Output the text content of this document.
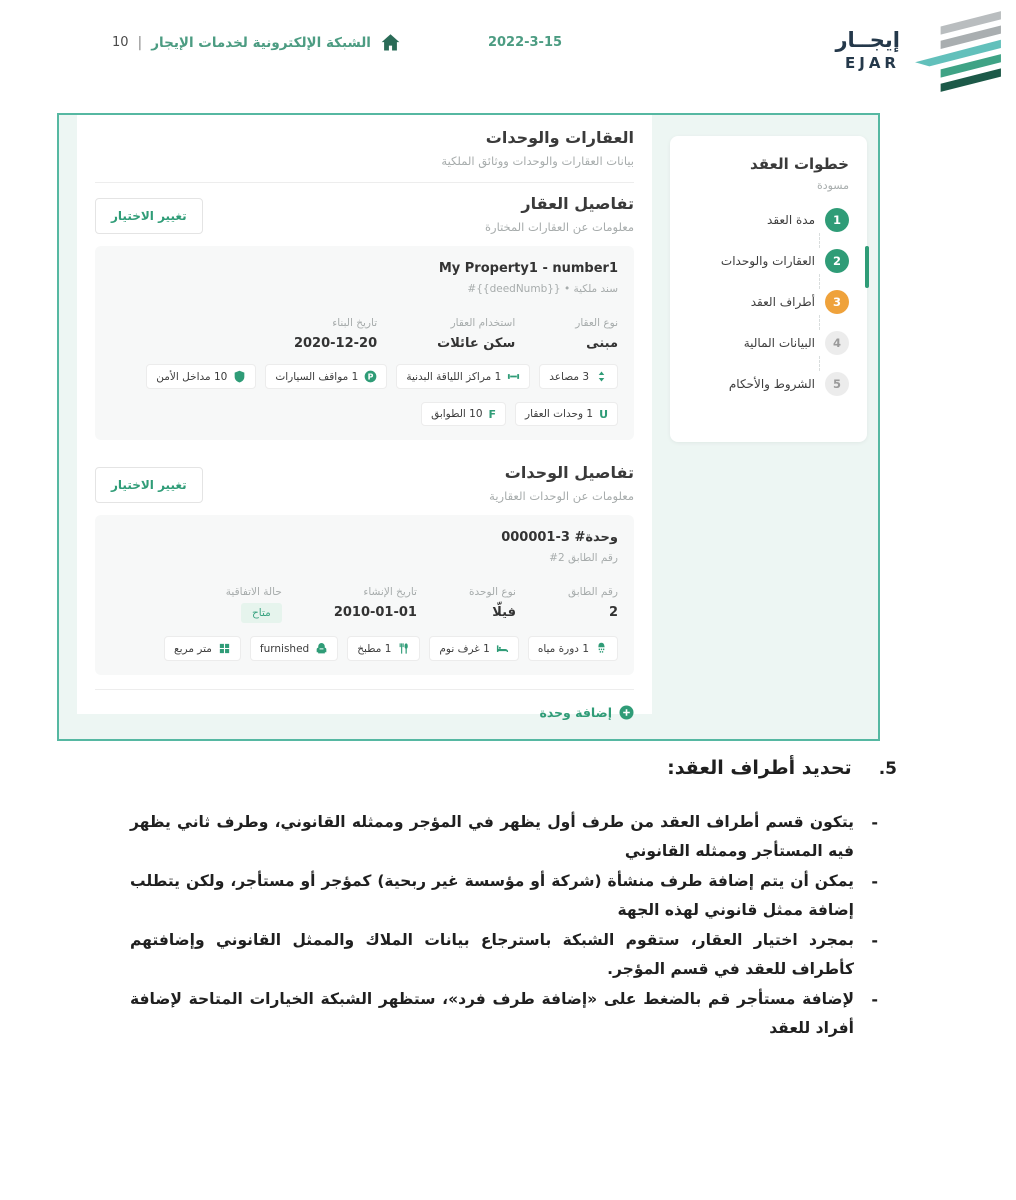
10 | الشبكة الإلكترونية لخدمات الإيجار	2022-3-15	إيجــار
EJAR
خطوات العقد
مسودة
1
مدة العقد
2
العقارات والوحدات
3
أطراف العقد
4
البيانات المالية
5
الشروط والأحكام
العقارات والوحدات

بيانات العقارات والوحدات ووثائق الملكية

تفاصيل العقار

معلومات عن العقارات المختارة

تغيير الاختيار
My Property1 - number1
سند ملكية • ‎#{{deedNumb}}
نوع العقار
مبنى
استخدام العقار
سكن عائلات
تاريخ البناء
2020-12-20
3 مصاعد
1 مراكز اللياقة البدنية
P
1 مواقف السيارات
10 مداخل الأمن
U
1 وحدات العقار
F
10 الطوابق
تفاصيل الوحدات

معلومات عن الوحدات العقارية

تغيير الاختيار
وحدة# 3-000001
رقم الطابق ‎#2
رقم الطابق
2
نوع الوحدة
فيلّا
تاريخ الإنشاء
2010-01-01
حالة الاتفاقية
متاح
1 دورة مياه
1 غرف نوم
1 مطبخ
furnished
متر مربع
إضافة وحدة
5.
تحديد أطراف العقد:
-

يتكون قسم أطراف العقد من طرف أول يظهر في المؤجر وممثله القانوني، وطرف ثاني يظهر فيه المستأجر وممثله القانوني

-

يمكن أن يتم إضافة طرف منشأة (شركة أو مؤسسة غير ربحية) كمؤجر أو مستأجر، ولكن يتطلب إضافة ممثل قانوني لهذه الجهة

-

بمجرد اختيار العقار، ستقوم الشبكة باسترجاع بيانات الملاك والممثل القانوني وإضافتهم كأطراف للعقد في قسم المؤجر.

-

لإضافة مستأجر قم بالضغط على «إضافة طرف فرد»، ستظهر الشبكة الخيارات المتاحة لإضافة أفراد للعقد
